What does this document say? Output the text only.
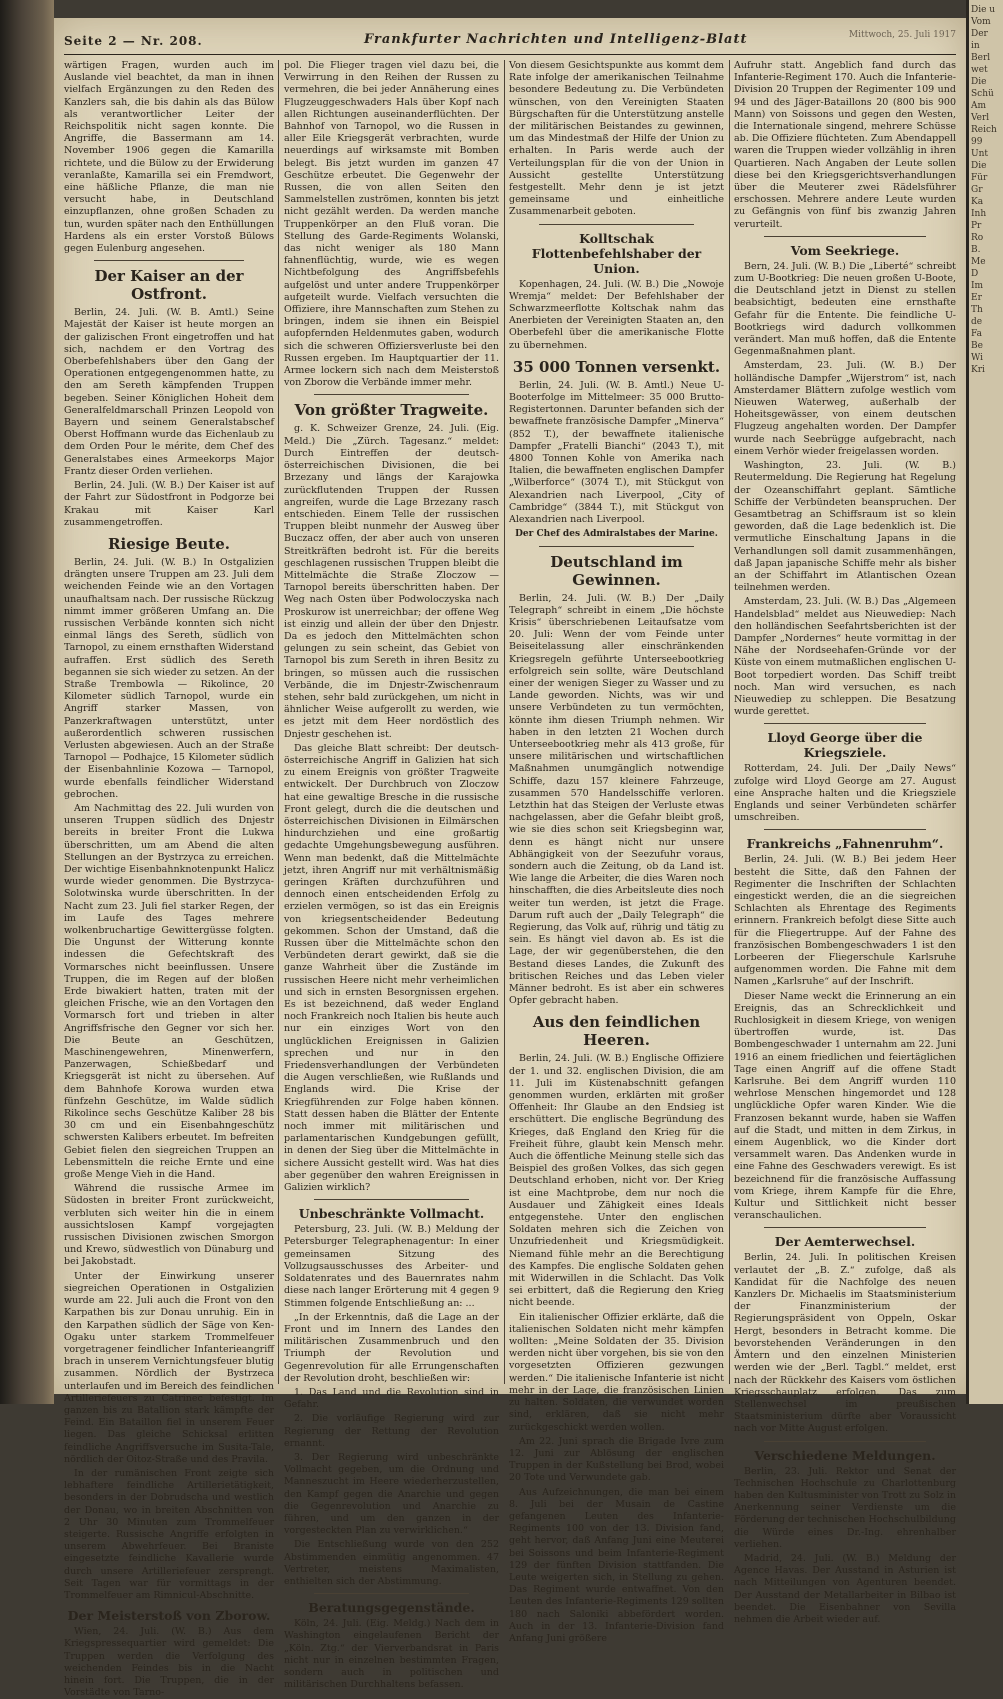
Seite 2 — Nr. 208.	Frankfurter Nachrichten und Intelligenz-Blatt	Mittwoch, 25. Juli 1917

wärtigen Fragen, wurden auch im Auslande viel beachtet, da man in ihnen vielfach Ergänzungen zu den Reden des Kanzlers sah, die bis dahin als das Bülow als verantwortlicher Leiter der Reichspolitik nicht sagen konnte. Die Angriffe, die Bassermann am 14. November 1906 gegen die Kamarilla richtete, und die Bülow zu der Erwiderung veranlaßte, Kamarilla sei ein Fremdwort, eine häßliche Pflanze, die man nie versucht habe, in Deutschland einzupflanzen, ohne großen Schaden zu tun, wurden später nach den Enthüllungen Hardens als ein erster Vorstoß Bülows gegen Eulenburg angesehen.

Der Kaiser an der Ostfront.

Berlin, 24. Juli. (W. B. Amtl.) Seine Majestät der Kaiser ist heute morgen an der galizischen Front eingetroffen und hat sich, nachdem er den Vortrag des Oberbefehlshabers über den Gang der Operationen entgegengenommen hatte, zu den am Sereth kämpfenden Truppen begeben. Seiner Königlichen Hoheit dem Generalfeldmarschall Prinzen Leopold von Bayern und seinem Generalstabschef Oberst Hoffmann wurde das Eichenlaub zu dem Orden Pour le mérite, dem Chef des Generalstabes eines Armeekorps Major Frantz dieser Orden verliehen.

Berlin, 24. Juli. (W. B.) Der Kaiser ist auf der Fahrt zur Südostfront in Podgorze bei Krakau mit Kaiser Karl zusammengetroffen.

Riesige Beute.

Berlin, 24. Juli. (W. B.) In Ostgalizien drängten unsere Truppen am 23. Juli dem weichenden Feinde wie an den Vortagen unaufhaltsam nach. Der russische Rückzug nimmt immer größeren Umfang an. Die russischen Verbände konnten sich nicht einmal längs des Sereth, südlich von Tarnopol, zu einem ernsthaften Widerstand aufraffen. Erst südlich des Sereth begannen sie sich wieder zu setzen. An der Straße Trembowla — Rikolince, 20 Kilometer südlich Tarnopol, wurde ein Angriff starker Massen, von Panzerkraftwagen unterstützt, unter außerordentlich schweren russischen Verlusten abgewiesen. Auch an der Straße Tarnopol — Podhajce, 15 Kilometer südlich der Eisenbahnlinie Kozowa — Tarnopol, wurde ebenfalls feindlicher Widerstand gebrochen.

Am Nachmittag des 22. Juli wurden von unseren Truppen südlich des Dnjestr bereits in breiter Front die Lukwa überschritten, um am Abend die alten Stellungen an der Bystrzyca zu erreichen. Der wichtige Eisenbahnknotenpunkt Halicz wurde wieder genommen. Die Bystrzyca-Solotwinska wurde überschritten. In der Nacht zum 23. Juli fiel starker Regen, der im Laufe des Tages mehrere wolkenbruchartige Gewittergüsse folgten. Die Ungunst der Witterung konnte indessen die Gefechtskraft des Vormarsches nicht beeinflussen. Unsere Truppen, die im Regen auf der bloßen Erde biwakiert hatten, traten mit der gleichen Frische, wie an den Vortagen den Vormarsch fort und trieben in alter Angriffsfrische den Gegner vor sich her. Die Beute an Geschützen, Maschinengewehren, Minenwerfern, Panzerwagen, Schießbedarf und Kriegsgerät ist nicht zu übersehen. Auf dem Bahnhofe Korowa wurden etwa fünfzehn Geschütze, im Walde südlich Rikolince sechs Geschütze Kaliber 28 bis 30 cm und ein Eisenbahngeschütz schwersten Kalibers erbeutet. Im befreiten Gebiet fielen den siegreichen Truppen an Lebensmitteln die reiche Ernte und eine große Menge Vieh in die Hand.

Während die russische Armee im Südosten in breiter Front zurückweicht, verbluten sich weiter hin die in einem aussichtslosen Kampf vorgejagten russischen Divisionen zwischen Smorgon und Krewo, südwestlich von Dünaburg und bei Jakobstadt.

Unter der Einwirkung unserer siegreichen Operationen in Ostgalizien wurde am 22. Juli auch die Front von den Karpathen bis zur Donau unruhig. Ein in den Karpathen südlich der Säge von Ken-Ogaku unter starkem Trommelfeuer vorgetragener feindlicher Infanterieangriff brach in unserem Vernichtungsfeuer blutig zusammen. Nördlich der Bystrzeca unterlaufen und im Bereich des feindlichen Artilleriefeuers zu Catrinec befestigt. Im ganzen bis zu Batallion stark kämpfte der Feind. Ein Bataillon fiel in unserem Feuer liegen. Das gleiche Schicksal erlitten feindliche Angriffsversuche im Susita-Tale, nördlich der Oitoz-Straße und des Pravila.

In der rumänischen Front zeigte sich lebhaftere feindliche Artillerietätigkeit, besonders in der Dobrudscha und westlich der Donau, wo in breiten Abschnitten von 2 Uhr 30 Minuten zum Trommelfeuer steigerte. Russische Angriffe erfolgten in unserem Abwehrfeuer. Bei Braniste eingesetzte feindliche Kavallerie wurde durch unsere Artilleriefeuer zersprengt. Seit Tagen war für vormittags in der Trommelfeuer am Rimnicul-Abschnitte.

Der Meisterstoß von Zborow.

Wien, 24. Juli. (W. B.) Aus dem Kriegspressequartier wird gemeldet: Die Truppen werden die Verfolgung des weichenden Feindes bis in die Nacht hinein fort. Die Truppen, die in der Vorstädte von Tarno-

pol. Die Flieger tragen viel dazu bei, die Verwirrung in den Reihen der Russen zu vermehren, die bei jeder Annäherung eines Flugzeuggeschwaders Hals über Kopf nach allen Richtungen auseinanderflüchten. Der Bahnhof von Tarnopol, wo die Russen in aller Eile Kriegsgerät verbrachten, wurde neuerdings auf wirksamste mit Bomben belegt. Bis jetzt wurden im ganzen 47 Geschütze erbeutet. Die Gegenwehr der Russen, die von allen Seiten den Sammelstellen zuströmen, konnten bis jetzt nicht gezählt werden. Da werden manche Truppenkörper an den Fluß voran. Die Stellung des Garde-Regiments Wolanski, das nicht weniger als 180 Mann fahnenflüchtig, wurde, wie es wegen Nichtbefolgung des Angriffsbefehls aufgelöst und unter andere Truppenkörper aufgeteilt wurde. Vielfach versuchten die Offiziere, ihre Mannschaften zum Stehen zu bringen, indem sie ihnen ein Beispiel aufopfernden Heldenmutes gaben, wodurch sich die schweren Offiziersverluste bei den Russen ergeben. Im Hauptquartier der 11. Armee lockern sich nach dem Meisterstoß von Zborow die Verbände immer mehr.

Von größter Tragweite.

g. K. Schweizer Grenze, 24. Juli. (Eig. Meld.) Die „Zürch. Tagesanz.“ meldet: Durch Eintreffen der deutsch-österreichischen Divisionen, die bei Brzezany und längs der Karajowka zurückflutenden Truppen der Russen angreifen, wurde die Lage Brzezany rasch entschieden. Einem Telle der russischen Truppen bleibt nunmehr der Ausweg über Buczacz offen, der aber auch von unseren Streitkräften bedroht ist. Für die bereits geschlagenen russischen Truppen bleibt die Mittelmächte die Straße Zloczow — Tarnopol bereits überschritten haben. Der Weg nach Osten über Podwoloczyska nach Proskurow ist unerreichbar; der offene Weg ist einzig und allein der über den Dnjestr. Da es jedoch den Mittelmächten schon gelungen zu sein scheint, das Gebiet von Tarnopol bis zum Sereth in ihren Besitz zu bringen, so müssen auch die russischen Verbände, die im Dnjestr-Zwischenraum stehen, sehr bald zurückgehen, um nicht in ähnlicher Weise aufgerollt zu werden, wie es jetzt mit dem Heer nordöstlich des Dnjestr geschehen ist.

Das gleiche Blatt schreibt: Der deutsch-österreichische Angriff in Galizien hat sich zu einem Ereignis von größter Tragweite entwickelt. Der Durchbruch von Zloczow hat eine gewaltige Bresche in die russische Front gelegt, durch die die deutschen und österreichischen Divisionen in Eilmärschen hindurchziehen und eine großartig gedachte Umgehungsbewegung ausführen. Wenn man bedenkt, daß die Mittelmächte jetzt, ihren Angriff nur mit verhältnismäßig geringen Kräften durchzuführen und dennoch einen entscheidenden Erfolg zu erzielen vermögen, so ist das ein Ereignis von kriegsentscheidender Bedeutung gekommen. Schon der Umstand, daß die Russen über die Mittelmächte schon den Verbündeten derart gewirkt, daß sie die ganze Wahrheit über die Zustände im russischen Heere nicht mehr verheimlichen und sich in ernsten Besorgnissen ergehen. Es ist bezeichnend, daß weder England noch Frankreich noch Italien bis heute auch nur ein einziges Wort von den unglücklichen Ereignissen in Galizien sprechen und nur in den Friedensverhandlungen der Verbündeten die Augen verschließen, wie Rußlands und Englands wird. Die Krise der Kriegführenden zur Folge haben können. Statt dessen haben die Blätter der Entente noch immer mit militärischen und parlamentarischen Kundgebungen gefüllt, in denen der Sieg über die Mittelmächte in sichere Aussicht gestellt wird. Was hat dies aber gegenüber den wahren Ereignissen in Galizien wirklich?

Unbeschränkte Vollmacht.

Petersburg, 23. Juli. (W. B.) Meldung der Petersburger Telegraphenagentur: In einer gemeinsamen Sitzung des Vollzugsausschusses des Arbeiter- und Soldatenrates und des Bauernrates nahm diese nach langer Erörterung mit 4 gegen 9 Stimmen folgende Entschließung an: ...

„In der Erkenntnis, daß die Lage an der Front und im Innern des Landes den militärischen Zusammenbruch und den Triumph der Revolution und Gegenrevolution für alle Errungenschaften der Revolution droht, beschließen wir:

1. Das Land und die Revolution sind in Gefahr.

2. Die vorläufige Regierung wird zur Regierung der Rettung der Revolution ernannt.

3. Der Regierung wird unbeschränkte Vollmacht gegeben, um die Ordnung und Manneszucht im Heere wiederherzustellen, den Kampf gegen die Anarchie und gegen die Gegenrevolution und Anarchie zu führen, und um den ganzen in der vorgesteckten Plan zu verwirklichen.“

Die Entschließung wurde von den 252 Abstimmenden einmütig angenommen. 47 Vertreter, meistens Maximalisten, enthielten sich der Abstimmung.

Beratungsgegenstände.

Köln, 24. Juli. (Eig. Meldg.) Nach dem in Washington eingelaufenen Bericht der „Köln. Ztg.“ der Vierverbandsrat in Paris nicht nur in einzelnen bestimmten Fragen, sondern auch in politischen und militärischen Durchhaltens befassen.

Von diesem Gesichtspunkte aus kommt dem Rate infolge der amerikanischen Teilnahme besondere Bedeutung zu. Die Verbündeten wünschen, von den Vereinigten Staaten Bürgschaften für die Unterstützung anstelle der militärischen Beistandes zu gewinnen, um das Mindestmaß der Hilfe der Union zu erhalten. In Paris werde auch der Verteilungsplan für die von der Union in Aussicht gestellte Unterstützung festgestellt. Mehr denn je ist jetzt gemeinsame und einheitliche Zusammenarbeit geboten.

Kolltschak
Flottenbefehlshaber der Union.

Kopenhagen, 24. Juli. (W. B.) Die „Nowoje Wremja“ meldet: Der Befehlshaber der Schwarzmeerflotte Koltschak nahm das Anerbieten der Vereinigten Staaten an, den Oberbefehl über die amerikanische Flotte zu übernehmen.

35 000 Tonnen versenkt.

Berlin, 24. Juli. (W. B. Amtl.) Neue U-Booterfolge im Mittelmeer: 35 000 Brutto-Registertonnen. Darunter befanden sich der bewaffnete französische Dampfer „Minerva“ (852 T.), der bewaffnete italienische Dampfer „Fratelli Bianchi“ (2043 T.), mit 4800 Tonnen Kohle von Amerika nach Italien, die bewaffneten englischen Dampfer „Wilberforce“ (3074 T.), mit Stückgut von Alexandrien nach Liverpool, „City of Cambridge“ (3844 T.), mit Stückgut von Alexandrien nach Liverpool.

Der Chef des Admiralstabes der Marine.
Deutschland im Gewinnen.

Berlin, 24. Juli. (W. B.) Der „Daily Telegraph“ schreibt in einem „Die höchste Krisis“ überschriebenen Leitaufsatze vom 20. Juli: Wenn der vom Feinde unter Beiseitelassung aller einschränkenden Kriegsregeln geführte Unterseebootkrieg erfolgreich sein sollte, wäre Deutschland einer der wenigen Sieger zu Wasser und zu Lande geworden. Nichts, was wir und unsere Verbündeten zu tun vermöchten, könnte ihm diesen Triumph nehmen. Wir haben in den letzten 21 Wochen durch Unterseebootkrieg mehr als 413 große, für unsere militärischen und wirtschaftlichen Maßnahmen unumgänglich notwendige Schiffe, dazu 157 kleinere Fahrzeuge, zusammen 570 Handelsschiffe verloren. Letzthin hat das Steigen der Verluste etwas nachgelassen, aber die Gefahr bleibt groß, wie sie dies schon seit Kriegsbeginn war, denn es hängt nicht nur unsere Abhängigkeit von der Seezufuhr voraus, sondern auch die Zeitung, ob da Land ist. Wie lange die Arbeiter, die dies Waren noch hinschafften, die dies Arbeitsleute dies noch weiter tun werden, ist jetzt die Frage. Darum ruft auch der „Daily Telegraph“ die Regierung, das Volk auf, rührig und tätig zu sein. Es hängt viel davon ab. Es ist die Lage, der wir gegenüberstehen, die den Bestand dieses Landes, die Zukunft des britischen Reiches und das Leben vieler Männer bedroht. Es ist aber ein schweres Opfer gebracht haben.

Aus den feindlichen Heeren.

Berlin, 24. Juli. (W. B.) Englische Offiziere der 1. und 32. englischen Division, die am 11. Juli im Küstenabschnitt gefangen genommen wurden, erklärten mit großer Offenheit: Ihr Glaube an den Endsieg ist erschüttert. Die englische Begründung des Krieges, daß England den Krieg für die Freiheit führe, glaubt kein Mensch mehr. Auch die öffentliche Meinung stelle sich das Beispiel des großen Volkes, das sich gegen Deutschland erhoben, nicht vor. Der Krieg ist eine Machtprobe, dem nur noch die Ausdauer und Zähigkeit eines Ideals entgegenstehe. Unter den englischen Soldaten mehren sich die Zeichen von Unzufriedenheit und Kriegsmüdigkeit. Niemand fühle mehr an die Berechtigung des Kampfes. Die englische Soldaten gehen mit Widerwillen in die Schlacht. Das Volk sei erbittert, daß die Regierung den Krieg nicht beende.

Ein italienischer Offizier erklärte, daß die italienischen Soldaten nicht mehr kämpfen wollten: „Meine Soldaten der 35. Division werden nicht über vorgehen, bis sie von den vorgesetzten Offizieren gezwungen werden.“ Die italienische Infanterie ist nicht mehr in der Lage, die französischen Linien zu halten. Soldaten, die verwundet worden sind, erklären, daß sie nicht mehr zurückgeschickt werden wollen.

Am 22. Juni sprach die Brigade Ivre zum 12. Juni zur Ablösung der englischen Truppen in der Kußstellung bei Brod, wobei 20 Tote und Verwundete gab.

Aus Aufzeichnungen, die man bei einem 8. Juli bei der Musain de Castine gefangenen Leuten des Infanterie-Regiments 100 von der 13. Division fand, geht hervor, daß Anfang Juni eine Meuterei bei Soissons und beim Infanterie-Regiment 129 der fünften Division stattfanden. Die Leute weigerten sich, in Stellung zu gehen. Das Regiment wurde entwaffnet. Von den Leuten des Infanterie-Regiments 129 sollten 180 nach Saloniki abbefördert worden. Auch in der 13. Infanterie-Division fand Anfang Juni größere

Aufruhr statt. Angeblich fand durch das Infanterie-Regiment 170. Auch die Infanterie-Division 20 Truppen der Regimenter 109 und 94 und des Jäger-Bataillons 20 (800 bis 900 Mann) von Soissons und gegen den Westen, die Internationale singend, mehrere Schüsse ab. Die Offiziere flüchteten. Zum Abendappell waren die Truppen wieder vollzählig in ihren Quartieren. Nach Angaben der Leute sollen diese bei den Kriegsgerichtsverhandlungen über die Meuterer zwei Rädelsführer erschossen. Mehrere andere Leute wurden zu Gefängnis von fünf bis zwanzig Jahren verurteilt.

Vom Seekriege.

Bern, 24. Juli. (W. B.) Die „Liberté“ schreibt zum U-Bootkrieg: Die neuen großen U-Boote, die Deutschland jetzt in Dienst zu stellen beabsichtigt, bedeuten eine ernsthafte Gefahr für die Entente. Die feindliche U-Bootkriegs wird dadurch vollkommen verändert. Man muß hoffen, daß die Entente Gegenmaßnahmen plant.

Amsterdam, 23. Juli. (W. B.) Der holländische Dampfer „Wijerstrom“ ist, nach Amsterdamer Blättern zufolge westlich vom Nieuwen Waterweg, außerhalb der Hoheitsgewässer, von einem deutschen Flugzeug angehalten worden. Der Dampfer wurde nach Seebrügge aufgebracht, nach einem Verhör wieder freigelassen worden.

Washington, 23. Juli. (W. B.) Reutermeldung. Die Regierung hat Regelung der Ozeanschiffahrt geplant. Sämtliche Schiffe der Verbündeten beanspruchen. Der Gesamtbetrag an Schiffsraum ist so klein geworden, daß die Lage bedenklich ist. Die vermutliche Einschaltung Japans in die Verhandlungen soll damit zusammenhängen, daß Japan japanische Schiffe mehr als bisher an der Schiffahrt im Atlantischen Ozean teilnehmen werden.

Amsterdam, 23. Juli. (W. B.) Das „Algemeen Handelsblad“ meldet aus Nieuwediep: Nach den holländischen Seefahrtsberichten ist der Dampfer „Nordernes“ heute vormittag in der Nähe der Nordseehafen-Gründe vor der Küste von einem mutmaßlichen englischen U-Boot torpediert worden. Das Schiff treibt noch. Man wird versuchen, es nach Nieuwediep zu schleppen. Die Besatzung wurde gerettet.

Lloyd George über die Kriegsziele.

Rotterdam, 24. Juli. Der „Daily News“ zufolge wird Lloyd George am 27. August eine Ansprache halten und die Kriegsziele Englands und seiner Verbündeten schärfer umschreiben.

Frankreichs „Fahnenruhm“.

Berlin, 24. Juli. (W. B.) Bei jedem Heer besteht die Sitte, daß den Fahnen der Regimenter die Inschriften der Schlachten eingestickt werden, die an die siegreichen Schlachten als Ehrentage des Regiments erinnern. Frankreich befolgt diese Sitte auch für die Fliegertruppe. Auf der Fahne des französischen Bombengeschwaders 1 ist den Lorbeeren der Fliegerschule Karlsruhe aufgenommen worden. Die Fahne mit dem Namen „Karlsruhe“ auf der Inschrift.

Dieser Name weckt die Erinnerung an ein Ereignis, das an Schrecklichkeit und Ruchlosigkeit in diesem Kriege, von wenigen übertroffen wurde, ist. Das Bombengeschwader 1 unternahm am 22. Juni 1916 an einem friedlichen und feiertäglichen Tage einen Angriff auf die offene Stadt Karlsruhe. Bei dem Angriff wurden 110 wehrlose Menschen hingemordet und 128 unglückliche Opfer waren Kinder. Wie die Franzosen bekannt wurde, haben sie Waffen auf die Stadt, und mitten in dem Zirkus, in einem Augenblick, wo die Kinder dort versammelt waren. Das Andenken wurde in eine Fahne des Geschwaders verewigt. Es ist bezeichnend für die französische Auffassung vom Kriege, ihrem Kampfe für die Ehre, Kultur und Sittlichkeit nicht besser veranschaulichen.

Der Aemterwechsel.

Berlin, 24. Juli. In politischen Kreisen verlautet der „B. Z.“ zufolge, daß als Kandidat für die Nachfolge des neuen Kanzlers Dr. Michaelis im Staatsministerium der Finanzministerium der Regierungspräsident von Oppeln, Oskar Hergt, besonders in Betracht komme. Die bevorstehenden Veränderungen in den Ämtern und den einzelnen Ministerien werden wie der „Berl. Tagbl.“ meldet, erst nach der Rückkehr des Kaisers vom östlichen Kriegsschauplatz erfolgen. Das zum Stellenwechsel im preußischen Staatsministerium dürfte aber Voraussicht nach vor Mitte August erfolgen.

Verschiedene Meldungen.

Berlin, 23. Juli. Rektor und Senat der Technischen Hochschule zu Charlottenburg haben den Kultusminister von Trott zu Solz in Anerkennung seiner Verdienste um die Förderung der technischen Hochschulbildung die Würde eines Dr.-Ing. ehrenhalber verliehen.

Madrid, 24. Juli. (W. B.) Meldung der Agence Havas. Der Ausstand in Asturien ist nach Mitteilungen von Agenturen beendet. Der Ausstand der Metallarbeiter in Bilbao ist beendet. Die Eisenbahner von Sevilla nehmen die Arbeit wieder auf.

Die u
Vom
Der
in
Berl
wet
Die
Schü
Am
Verl
Reich
99
Unt
Die
Für
Gr
Ka
Inh
Pr
Ro
B.
Me
D
Im
Er
Th
de
Fa
Be
Wi
Kri
